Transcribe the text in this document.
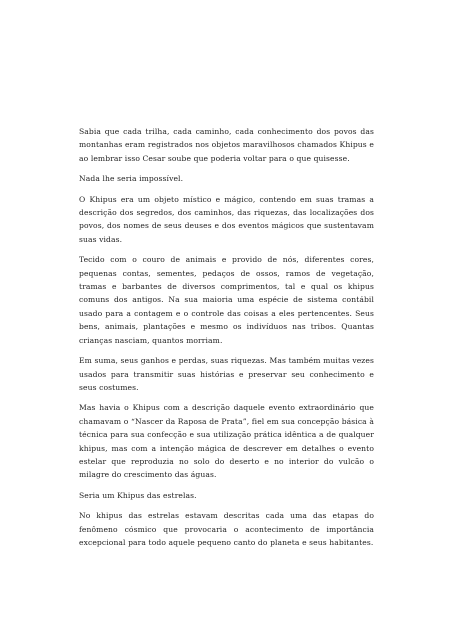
Sabia que cada trilha, cada caminho, cada conhecimento dos povos das montanhas eram registrados nos objetos maravilhosos chamados Khipus e ao lembrar isso Cesar soube que poderia voltar para o que quisesse.

Nada lhe seria impossível.

O Khipus era um objeto místico e mágico, contendo em suas tramas a descrição dos segredos, dos caminhos, das riquezas, das localizações dos povos, dos nomes de seus deuses e dos eventos mágicos que sustentavam suas vidas.

Tecido com o couro de animais e provido de nós, diferentes cores, pequenas contas, sementes, pedaços de ossos, ramos de vegetação, tramas e barbantes de diversos comprimentos, tal e qual os khipus comuns dos antigos. Na sua maioria uma espécie de sistema contábil usado para a contagem e o controle das coisas a eles pertencentes. Seus bens, animais, plantações e mesmo os indivíduos nas tribos. Quantas crianças nasciam, quantos morriam.

Em suma, seus ganhos e perdas, suas riquezas. Mas também muitas vezes usados para transmitir suas histórias e preservar seu conhecimento e seus costumes.

Mas havia o Khipus com a descrição daquele evento extraordinário que chamavam o “Nascer da Raposa de Prata”, fiel em sua concepção básica à técnica para sua confecção e sua utilização prática idêntica a de qualquer khipus, mas com a intenção mágica de descrever em detalhes o evento estelar que reproduzia no solo do deserto e no interior do vulcão o milagre do crescimento das águas.

Seria um Khipus das estrelas.

No khipus das estrelas estavam descritas cada uma das etapas do fenômeno cósmico que provocaria o acontecimento de importância excepcional para todo aquele pequeno canto do planeta e seus habitantes.
